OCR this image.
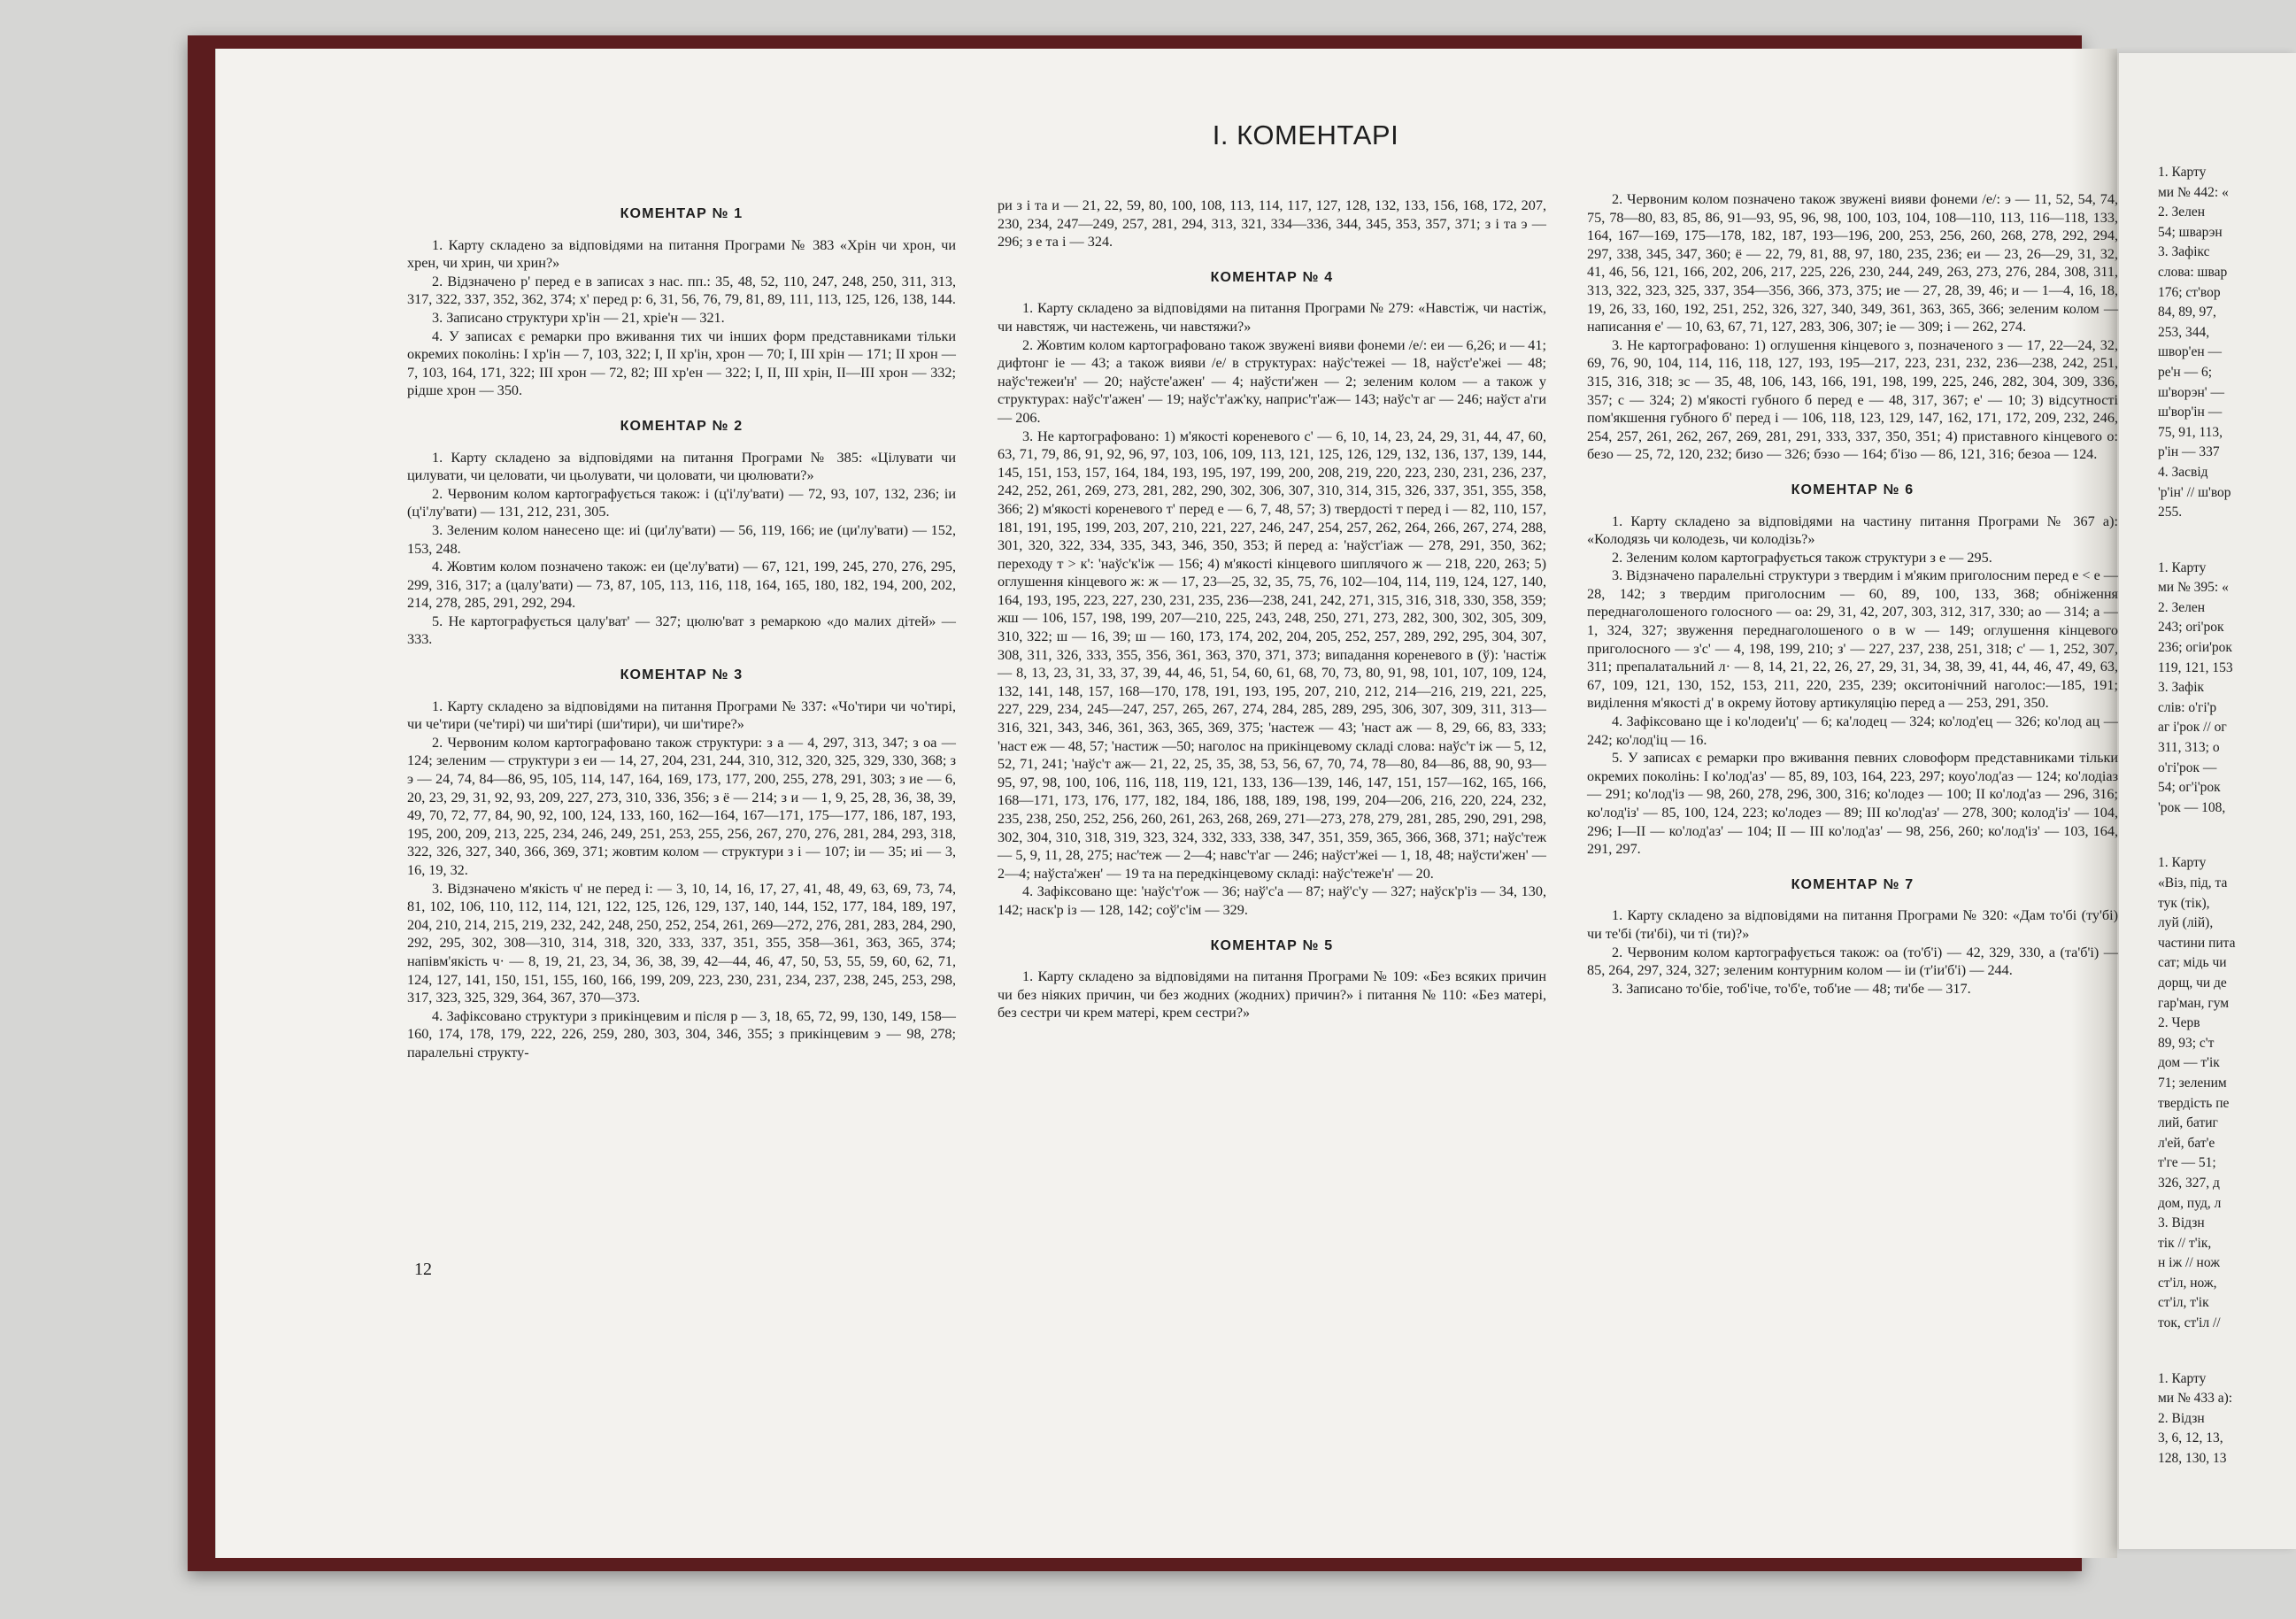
І. КОМЕНТАРІ
КОМЕНТАР № 1

1. Карту складено за відповідями на питання Програми № 383 «Хрін чи хрон, чи хрен, чи хрин, чи хрин?»

2. Відзначено р' перед е в записах з нас. пп.: 35, 48, 52, 110, 247, 248, 250, 311, 313, 317, 322, 337, 352, 362, 374; х' перед р: 6, 31, 56, 76, 79, 81, 89, 111, 113, 125, 126, 138, 144.

3. Записано структури хр'ін — 21, хріе'н — 321.

4. У записах є ремарки про вживання тих чи інших форм представниками тільки окремих поколінь: I хр'ін — 7, 103, 322; I, II хр'ін, хрон — 70; I, III хрін — 171; II хрон — 7, 103, 164, 171, 322; III хрон — 72, 82; III хр'ен — 322; I, II, III хрін, II—III хрон — 332; рідше хрон — 350.

КОМЕНТАР № 2

1. Карту складено за відповідями на питання Програми № 385: «Цілувати чи цилувати, чи целовати, чи цьолувати, чи цоловати, чи цюлювати?»

2. Червоним колом картографується також: і (ц'і'лу'вати) — 72, 93, 107, 132, 236; іи (ц'і'лу'вати) — 131, 212, 231, 305.

3. Зеленим колом нанесено ще: иі (ци'лу'вати) — 56, 119, 166; иe (ци'лу'вати) — 152, 153, 248.

4. Жовтим колом позначено також: еи (це'лу'вати) — 67, 121, 199, 245, 270, 276, 295, 299, 316, 317; а (цалу'вати) — 73, 87, 105, 113, 116, 118, 164, 165, 180, 182, 194, 200, 202, 214, 278, 285, 291, 292, 294.

5. Не картографується цалу'ват' — 327; цюлю'ват з ремаркою «до малих дітей» — 333.

КОМЕНТАР № 3

1. Карту складено за відповідями на питання Програми № 337: «Чо'тири чи чо'тирі, чи че'тири (че'тирі) чи ши'тирі (ши'тири), чи ши'тире?»

2. Червоним колом картографовано також структури: з а — 4, 297, 313, 347; з оа — 124; зеленим — структури з еи — 14, 27, 204, 231, 244, 310, 312, 320, 325, 329, 330, 368; з э — 24, 74, 84—86, 95, 105, 114, 147, 164, 169, 173, 177, 200, 255, 278, 291, 303; з иe — 6, 20, 23, 29, 31, 92, 93, 209, 227, 273, 310, 336, 356; з ё — 214; з и — 1, 9, 25, 28, 36, 38, 39, 49, 70, 72, 77, 84, 90, 92, 100, 124, 133, 160, 162—164, 167—171, 175—177, 186, 187, 193, 195, 200, 209, 213, 225, 234, 246, 249, 251, 253, 255, 256, 267, 270, 276, 281, 284, 293, 318, 322, 326, 327, 340, 366, 369, 371; жовтим колом — структури з і — 107; іи — 35; иі — 3, 16, 19, 32.

3. Відзначено м'якість ч' не перед і: — 3, 10, 14, 16, 17, 27, 41, 48, 49, 63, 69, 73, 74, 81, 102, 106, 110, 112, 114, 121, 122, 125, 126, 129, 137, 140, 144, 152, 177, 184, 189, 197, 204, 210, 214, 215, 219, 232, 242, 248, 250, 252, 254, 261, 269—272, 276, 281, 283, 284, 290, 292, 295, 302, 308—310, 314, 318, 320, 333, 337, 351, 355, 358—361, 363, 365, 374; напівм'якість ч· — 8, 19, 21, 23, 34, 36, 38, 39, 42—44, 46, 47, 50, 53, 55, 59, 60, 62, 71, 124, 127, 141, 150, 151, 155, 160, 166, 199, 209, 223, 230, 231, 234, 237, 238, 245, 253, 298, 317, 323, 325, 329, 364, 367, 370—373.

4. Зафіксовано структури з прикінцевим и після р — 3, 18, 65, 72, 99, 130, 149, 158—160, 174, 178, 179, 222, 226, 259, 280, 303, 304, 346, 355; з прикінцевим э — 98, 278; паралельні структу-

ри з і та и — 21, 22, 59, 80, 100, 108, 113, 114, 117, 127, 128, 132, 133, 156, 168, 172, 207, 230, 234, 247—249, 257, 281, 294, 313, 321, 334—336, 344, 345, 353, 357, 371; з і та э — 296; з е та і — 324.

КОМЕНТАР № 4

1. Карту складено за відповідями на питання Програми № 279: «Навстіж, чи настіж, чи навстяж, чи настежень, чи навстяжи?»

2. Жовтим колом картографовано також звужені вияви фонеми /е/: еи — 6,26; и — 41; дифтонг іе — 43; а також вияви /е/ в структурах: наўс'тежеі — 18, наўст'е'жеі — 48; наўс'тежеи'н' — 20; наўсте'ажен' — 4; наўсти'жен — 2; зеленим колом — а також у структурах: наўс'т'ажен' — 19; наўс'т'аж'ку, наприс'т'аж— 143; наўс'т аг — 246; наўст а'ги — 206.

3. Не картографовано: 1) м'якості кореневого с' — 6, 10, 14, 23, 24, 29, 31, 44, 47, 60, 63, 71, 79, 86, 91, 92, 96, 97, 103, 106, 109, 113, 121, 125, 126, 129, 132, 136, 137, 139, 144, 145, 151, 153, 157, 164, 184, 193, 195, 197, 199, 200, 208, 219, 220, 223, 230, 231, 236, 237, 242, 252, 261, 269, 273, 281, 282, 290, 302, 306, 307, 310, 314, 315, 326, 337, 351, 355, 358, 366; 2) м'якості кореневого т' перед е — 6, 7, 48, 57; 3) твердості т перед і — 82, 110, 157, 181, 191, 195, 199, 203, 207, 210, 221, 227, 246, 247, 254, 257, 262, 264, 266, 267, 274, 288, 301, 320, 322, 334, 335, 343, 346, 350, 353; й перед а: 'наўст'іаж — 278, 291, 350, 362; переходу т > к': 'наўс'к'іж — 156; 4) м'якості кінцевого шиплячого ж — 218, 220, 263; 5) оглушення кінцевого ж: ж — 17, 23—25, 32, 35, 75, 76, 102—104, 114, 119, 124, 127, 140, 164, 193, 195, 223, 227, 230, 231, 235, 236—238, 241, 242, 271, 315, 316, 318, 330, 358, 359; жш — 106, 157, 198, 199, 207—210, 225, 243, 248, 250, 271, 273, 282, 300, 302, 305, 309, 310, 322; ш — 16, 39; ш — 160, 173, 174, 202, 204, 205, 252, 257, 289, 292, 295, 304, 307, 308, 311, 326, 333, 355, 356, 361, 363, 370, 371, 373; випадання кореневого в (ў): 'настіж — 8, 13, 23, 31, 33, 37, 39, 44, 46, 51, 54, 60, 61, 68, 70, 73, 80, 91, 98, 101, 107, 109, 124, 132, 141, 148, 157, 168—170, 178, 191, 193, 195, 207, 210, 212, 214—216, 219, 221, 225, 227, 229, 234, 245—247, 257, 265, 267, 274, 284, 285, 289, 295, 306, 307, 309, 311, 313—316, 321, 343, 346, 361, 363, 365, 369, 375; 'настеж — 43; 'наст аж — 8, 29, 66, 83, 333; 'наст еж — 48, 57; 'настиж —50; наголос на прикінцевому складі слова: наўс'т іж — 5, 12, 52, 71, 241; 'наўс'т аж— 21, 22, 25, 35, 38, 53, 56, 67, 70, 74, 78—80, 84—86, 88, 90, 93—95, 97, 98, 100, 106, 116, 118, 119, 121, 133, 136—139, 146, 147, 151, 157—162, 165, 166, 168—171, 173, 176, 177, 182, 184, 186, 188, 189, 198, 199, 204—206, 216, 220, 224, 232, 235, 238, 250, 252, 256, 260, 261, 263, 268, 269, 271—273, 278, 279, 281, 285, 290, 291, 298, 302, 304, 310, 318, 319, 323, 324, 332, 333, 338, 347, 351, 359, 365, 366, 368, 371; наўс'теж — 5, 9, 11, 28, 275; нас'теж — 2—4; навс'т'аг — 246; наўст'жеі — 1, 18, 48; наўсти'жен' — 2—4; наўста'жен' — 19 та на передкінцевому складі: наўс'теже'н' — 20.

4. Зафіксовано ще: 'наўс'т'ож — 36; наў'с'а — 87; наў'с'у — 327; наўск'р'із — 34, 130, 142; наск'р із — 128, 142; соў'с'ім — 329.

КОМЕНТАР № 5

1. Карту складено за відповідями на питання Програми № 109: «Без всяких причин чи без ніяких причин, чи без жодних (жодних) причин?» і питання № 110: «Без матері, без сестри чи крем матері, крем сестри?»

2. Червоним колом позначено також звужені вияви фонеми /е/: э — 11, 52, 54, 74, 75, 78—80, 83, 85, 86, 91—93, 95, 96, 98, 100, 103, 104, 108—110, 113, 116—118, 133, 164, 167—169, 175—178, 182, 187, 193—196, 200, 253, 256, 260, 268, 278, 292, 294, 297, 338, 345, 347, 360; ё — 22, 79, 81, 88, 97, 180, 235, 236; еи — 23, 26—29, 31, 32, 41, 46, 56, 121, 166, 202, 206, 217, 225, 226, 230, 244, 249, 263, 273, 276, 284, 308, 311, 313, 322, 323, 325, 337, 354—356, 366, 373, 375; иe — 27, 28, 39, 46; и — 1—4, 16, 18, 19, 26, 33, 160, 192, 251, 252, 326, 327, 340, 349, 361, 363, 365, 366; зеленим колом — написання е' — 10, 63, 67, 71, 127, 283, 306, 307; іе — 309; і — 262, 274.

3. Не картографовано: 1) оглушення кінцевого з, позначеного з — 17, 22—24, 32, 69, 76, 90, 104, 114, 116, 118, 127, 193, 195—217, 223, 231, 232, 236—238, 242, 251, 315, 316, 318; зс — 35, 48, 106, 143, 166, 191, 198, 199, 225, 246, 282, 304, 309, 336, 357; с — 324; 2) м'якості губного б перед е — 48, 317, 367; е' — 10; 3) відсутності пом'якшення губного б' перед і — 106, 118, 123, 129, 147, 162, 171, 172, 209, 232, 246, 254, 257, 261, 262, 267, 269, 281, 291, 333, 337, 350, 351; 4) приставного кінцевого о: безо — 25, 72, 120, 232; бизо — 326; бэзо — 164; б'ізо — 86, 121, 316; безоа — 124.

КОМЕНТАР № 6

1. Карту складено за відповідями на частину питання Програми № 367 а): «Колодязь чи колодезь, чи колодізь?»

2. Зеленим колом картографується також структури з е — 295.

3. Відзначено паралельні структури з твердим і м'яким приголосним перед е < е — 28, 142; з твердим приголосним — 60, 89, 100, 133, 368; обніження переднаголошеного голосного — оа: 29, 31, 42, 207, 303, 312, 317, 330; ао — 314; а — 1, 324, 327; звуження переднаголошеного о в w — 149; оглушення кінцевого приголосного — з'с' — 4, 198, 199, 210; з' — 227, 237, 238, 251, 318; с' — 1, 252, 307, 311; препалатальний л· — 8, 14, 21, 22, 26, 27, 29, 31, 34, 38, 39, 41, 44, 46, 47, 49, 63, 67, 109, 121, 130, 152, 153, 211, 220, 235, 239; окситонічний наголос:—185, 191; виділення м'якості д' в окрему йотову артикуляцію перед а — 253, 291, 350.

4. Зафіксовано ще і ко'лодеи'ц' — 6; ка'лодец — 324; ко'лод'ец — 326; ко'лод ац — 242; ко'лод'іц — 16.

5. У записах є ремарки про вживання певних словоформ представниками тільки окремих поколінь: I ко'лод'аз' — 85, 89, 103, 164, 223, 297; коуо'лод'аз — 124; ко'лодіаз — 291; ко'лод'із — 98, 260, 278, 296, 300, 316; ко'лодез — 100; II ко'лод'аз — 296, 316; ко'лод'із' — 85, 100, 124, 223; ко'лодез — 89; III ко'лод'аз' — 278, 300; колод'із' — 104, 296; I—II — ко'лод'аз' — 104; II — III ко'лод'аз' — 98, 256, 260; ко'лод'із' — 103, 164, 291, 297.

КОМЕНТАР № 7

1. Карту складено за відповідями на питання Програми № 320: «Дам то'бі (ту'бі) чи те'бі (ти'бі), чи ті (ти)?»

2. Червоним колом картографується також: оа (то'б'і) — 42, 329, 330, а (та'б'і) — 85, 264, 297, 324, 327; зеленим контурним колом — іи (т'іи'б'і) — 244.

3. Записано то'біе, тоб'іче, то'б'е, тоб'ие — 48; ти'бе — 317.

1. Карту
ми № 442: «
2. Зелен
54; шварэн
3. Зафікс
слова: швар
176; ст'вор
84, 89, 97,
253, 344,
швор'ен —
ре'н — 6;
ш'ворэн' —
ш'вор'ін —
75, 91, 113,
р'ін — 337
4. Засвід
'р'ін' // ш'вор
255.
1. Карту
ми № 395: «
2. Зелен
243; оrі'рок
236; огіи'рок
119, 121, 153
3. Зафік
слів: о'гі'р
аг і'рок // ог
311, 313; о
о'гі'рок —
54; ог'і'рок
'рок — 108,
1. Карту
«Віз, під, та
тук (тік),
луй (лій),
частини пита
сат; мідь чи
дорщ, чи де
гар'ман, гум
2. Черв
89, 93; с'т
дом — т'ік
71; зеленим
твердість пе
лий, батиг
л'ей, бат'е
т'ге — 51;
326, 327, д
дом, пуд, л
3. Відзн
тік // т'ік,
н іж // нож
ст'іл, нож,
ст'іл, т'ік
ток, ст'іл //
1. Карту
ми № 433 а):
2. Відзн
3, 6, 12, 13,
128, 130, 13
12
